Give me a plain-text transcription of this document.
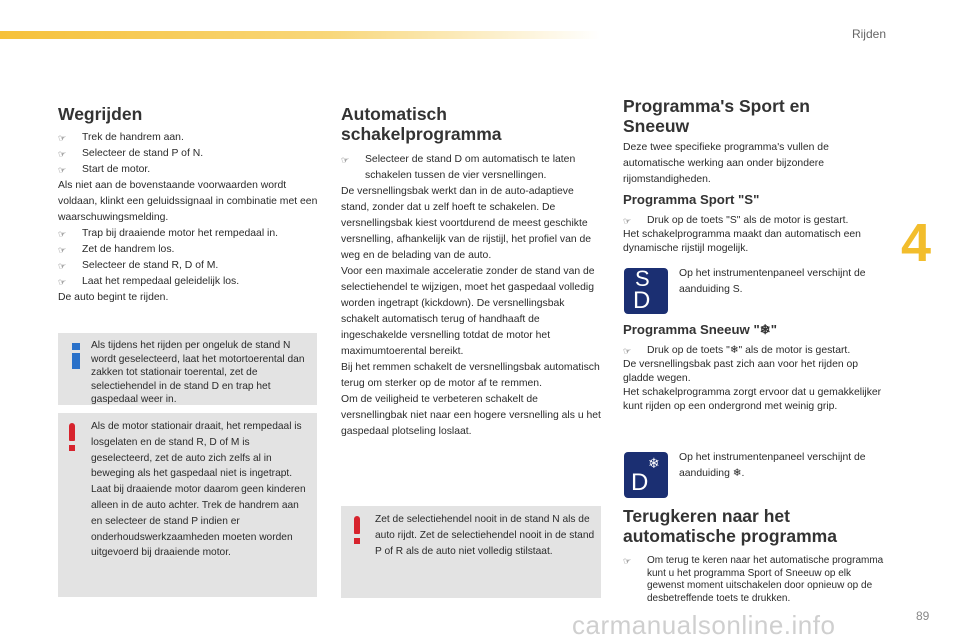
Rijden
4
Wegrijden
☞ Trek de handrem aan.
☞ Selecteer de stand P of N.
☞ Start de motor.
Als niet aan de bovenstaande voorwaarden wordt voldaan, klinkt een geluidssignaal in combinatie met een waarschuwingsmelding.
☞ Trap bij draaiende motor het rempedaal in.
☞ Zet de handrem los.
☞ Selecteer de stand R, D of M.
☞ Laat het rempedaal geleidelijk los.
De auto begint te rijden.
Als tijdens het rijden per ongeluk de stand N wordt geselecteerd, laat het motortoerental dan zakken tot stationair toerental, zet de selectiehendel in de stand D en trap het gaspedaal weer in.
Als de motor stationair draait, het rempedaal is losgelaten en de stand R, D of M is geselecteerd, zet de auto zich zelfs al in beweging als het gaspedaal niet is ingetrapt. Laat bij draaiende motor daarom geen kinderen alleen in de auto achter. Trek de handrem aan en selecteer de stand P indien er onderhoudswerkzaamheden moeten worden uitgevoerd bij draaiende motor.
Automatisch
schakelprogramma
☞ Selecteer de stand D om automatisch te laten schakelen tussen de vier versnellingen.
De versnellingsbak werkt dan in de auto-adaptieve stand, zonder dat u zelf hoeft te schakelen. De versnellingsbak kiest voortdurend de meest geschikte versnelling, afhankelijk van de rijstijl, het profiel van de weg en de belading van de auto.
Voor een maximale acceleratie zonder de stand van de selectiehendel te wijzigen, moet het gaspedaal volledig worden ingetrapt (kickdown). De versnellingsbak schakelt automatisch terug of handhaaft de ingeschakelde versnelling totdat de motor het maximumtoerental bereikt.
Bij het remmen schakelt de versnellingsbak automatisch terug om sterker op de motor af te remmen.
Om de veiligheid te verbeteren schakelt de versnellingbak niet naar een hogere versnelling als u het gaspedaal plotseling loslaat.
Zet de selectiehendel nooit in de stand N als de auto rijdt. Zet de selectiehendel nooit in de stand P of R als de auto niet volledig stilstaat.
Programma's Sport en
Sneeuw
Deze twee specifieke programma's vullen de automatische werking aan onder bijzondere rijomstandigheden.
Programma Sport "S"
☞ Druk op de toets "S" als de motor is gestart.
Het schakelprogramma maakt dan automatisch een dynamische rijstijl mogelijk.
S
D
Op het instrumentenpaneel verschijnt de aanduiding S.
Programma Sneeuw "❄"
☞ Druk op de toets "❄" als de motor is gestart.
De versnellingsbak past zich aan voor het rijden op gladde wegen.
Het schakelprogramma zorgt ervoor dat u gemakkelijker kunt rijden op een ondergrond met weinig grip.
❄
D
Op het instrumentenpaneel verschijnt de aanduiding ❄.
Terugkeren naar het
automatische programma
☞ Om terug te keren naar het automatische programma kunt u het programma Sport of Sneeuw op elk gewenst moment uitschakelen door opnieuw op de desbetreffende toets te drukken.
carmanualsonline.info	89
